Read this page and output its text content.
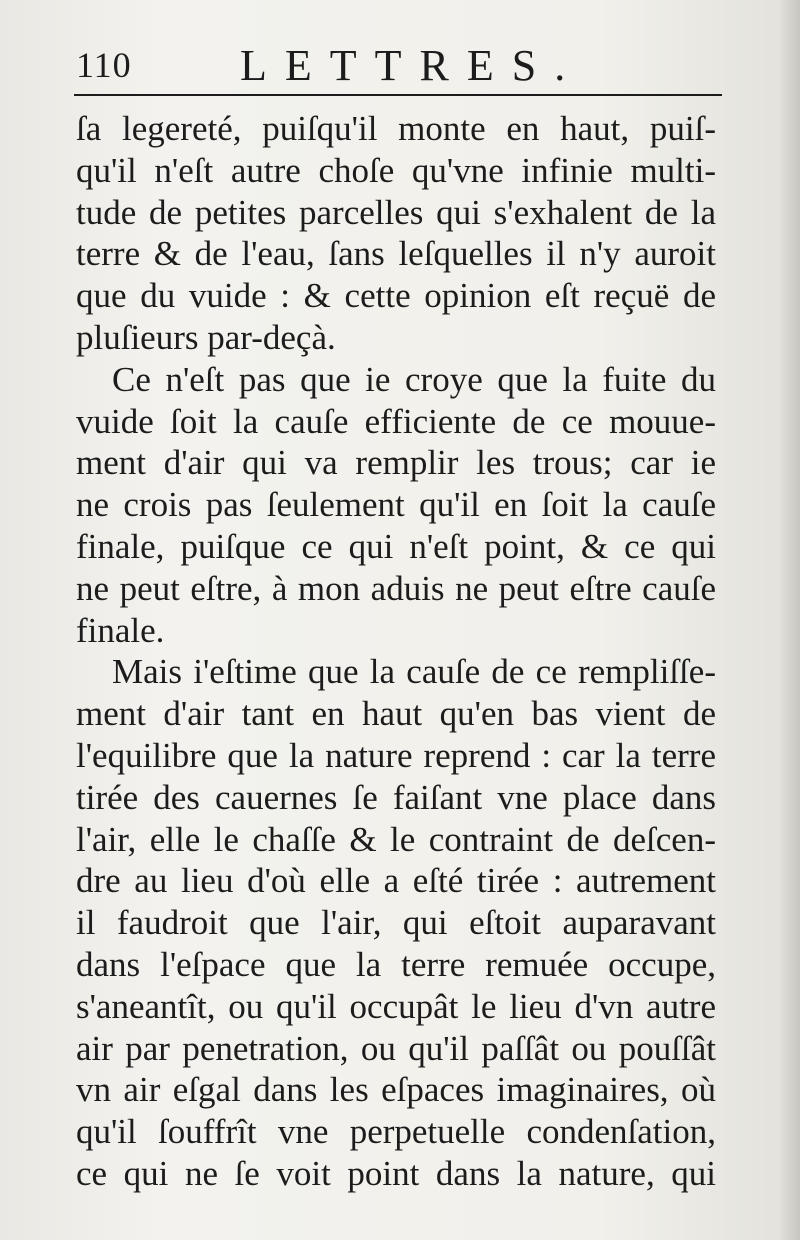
110 LETTRES.
ſa legereté, puiſqu'il monte en haut, puiſ-
qu'il n'eſt autre choſe qu'vne infinie multi-
tude de petites parcelles qui s'exhalent de la
terre & de l'eau, ſans leſquelles il n'y auroit
que du vuide : & cette opinion eſt reçuë de
pluſieurs par-deçà.
Ce n'eſt pas que ie croye que la fuite du
vuide ſoit la cauſe efficiente de ce mouue-
ment d'air qui va remplir les trous; car ie
ne crois pas ſeulement qu'il en ſoit la cauſe
finale, puiſque ce qui n'eſt point, & ce qui
ne peut eſtre, à mon aduis ne peut eſtre cauſe
finale.
Mais i'eſtime que la cauſe de ce rempliſſe-
ment d'air tant en haut qu'en bas vient de
l'equilibre que la nature reprend : car la terre
tirée des cauernes ſe faiſant vne place dans
l'air, elle le chaſſe & le contraint de deſcen-
dre au lieu d'où elle a eſté tirée : autrement
il faudroit que l'air, qui eſtoit auparavant
dans l'eſpace que la terre remuée occupe,
s'aneantît, ou qu'il occupât le lieu d'vn autre
air par penetration, ou qu'il paſſât ou pouſſât
vn air eſgal dans les eſpaces imaginaires, où
qu'il ſouffrît vne perpetuelle condenſation,
ce qui ne ſe voit point dans la nature, qui
